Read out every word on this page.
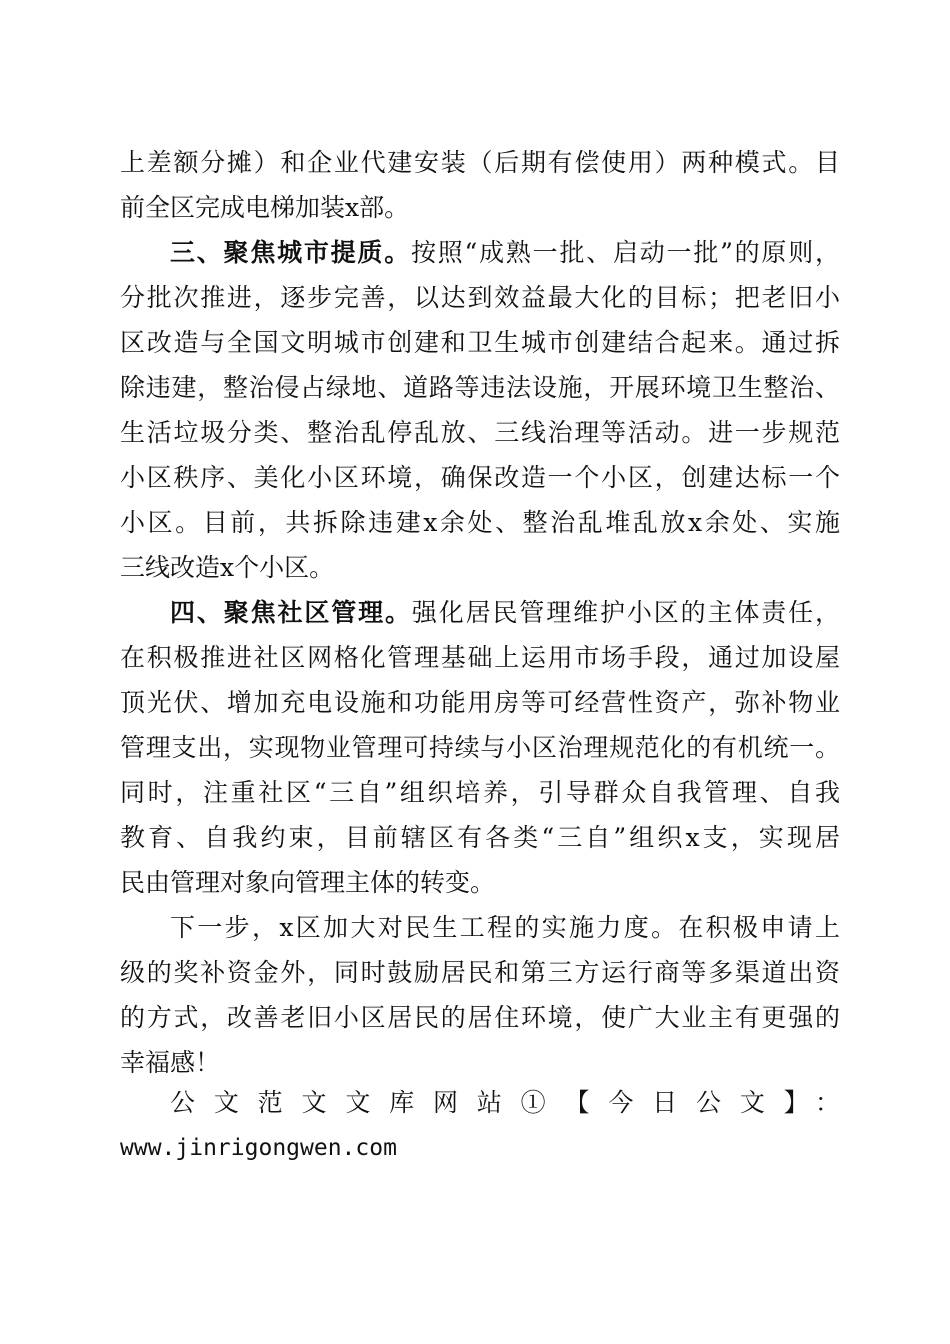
上差额分摊）和企业代建安装（后期有偿使用）两种模式。目
前全区完成电梯加装x部。
三、聚焦城市提质。按照“成熟一批、启动一批”的原则，
分批次推进，逐步完善，以达到效益最大化的目标；把老旧小
区改造与全国文明城市创建和卫生城市创建结合起来。通过拆
除违建，整治侵占绿地、道路等违法设施，开展环境卫生整治、
生活垃圾分类、整治乱停乱放、三线治理等活动。进一步规范
小区秩序、美化小区环境，确保改造一个小区，创建达标一个
小区。目前，共拆除违建x余处、整治乱堆乱放x余处、实施
三线改造x个小区。
四、聚焦社区管理。强化居民管理维护小区的主体责任，
在积极推进社区网格化管理基础上运用市场手段，通过加设屋
顶光伏、增加充电设施和功能用房等可经营性资产，弥补物业
管理支出，实现物业管理可持续与小区治理规范化的有机统一。
同时，注重社区“三自”组织培养，引导群众自我管理、自我
教育、自我约束，目前辖区有各类“三自”组织x支，实现居
民由管理对象向管理主体的转变。
下一步，x区加大对民生工程的实施力度。在积极申请上
级的奖补资金外，同时鼓励居民和第三方运行商等多渠道出资
的方式，改善老旧小区居民的居住环境，使广大业主有更强的
幸福感！
公文范文文库网站①【今日公文】：
www.jinrigongwen.com
